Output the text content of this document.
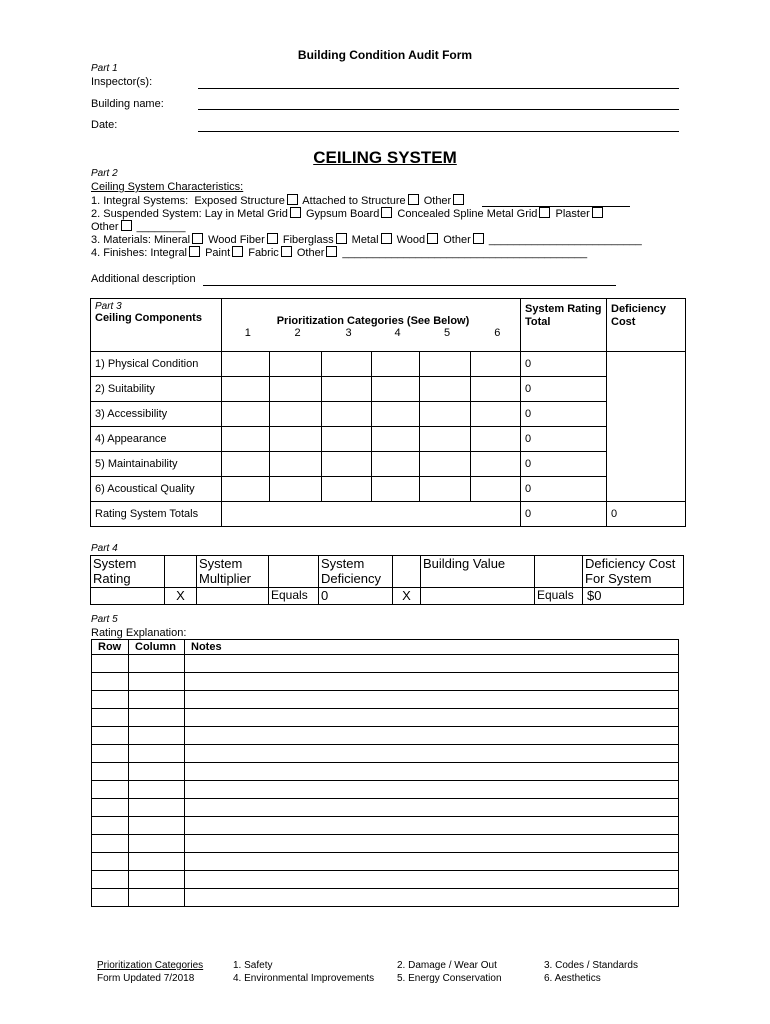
Building Condition Audit Form
Part 1
Inspector(s):
Building name:
Date:
CEILING SYSTEM
Part 2
Ceiling System Characteristics:
1. Integral Systems: Exposed Structure Attached to Structure Other
2. Suspended System: Lay in Metal Grid Gypsum Board Concealed Spline Metal Grid Plaster
Other ________
3. Materials: Mineral Wood Fiber Fiberglass Metal Wood Other _________________________
4. Finishes: Integral Paint Fabric Other ________________________________________
Additional description
Part 3
Ceiling Components	Prioritization Categories (See Below)						System Rating Total	Deficiency Cost
	1	2	3	4	5	6		
1) Physical Condition							0	
2) Suitability							0	
3) Accessibility							0	
4) Appearance							0	
5) Maintainability							0	
6) Acoustical Quality							0	
Rating System Totals							0	0
Part 4
System Rating		System Multiplier		System Deficiency		Building Value		Deficiency Cost For System
	X		Equals	0	X		Equals	$0
Part 5
Rating Explanation:
Row	Column	Notes

Prioritization Categories
Form Updated 7/2018
1. Safety
4. Environmental Improvements
2. Damage / Wear Out
5. Energy Conservation
3. Codes / Standards
6. Aesthetics
